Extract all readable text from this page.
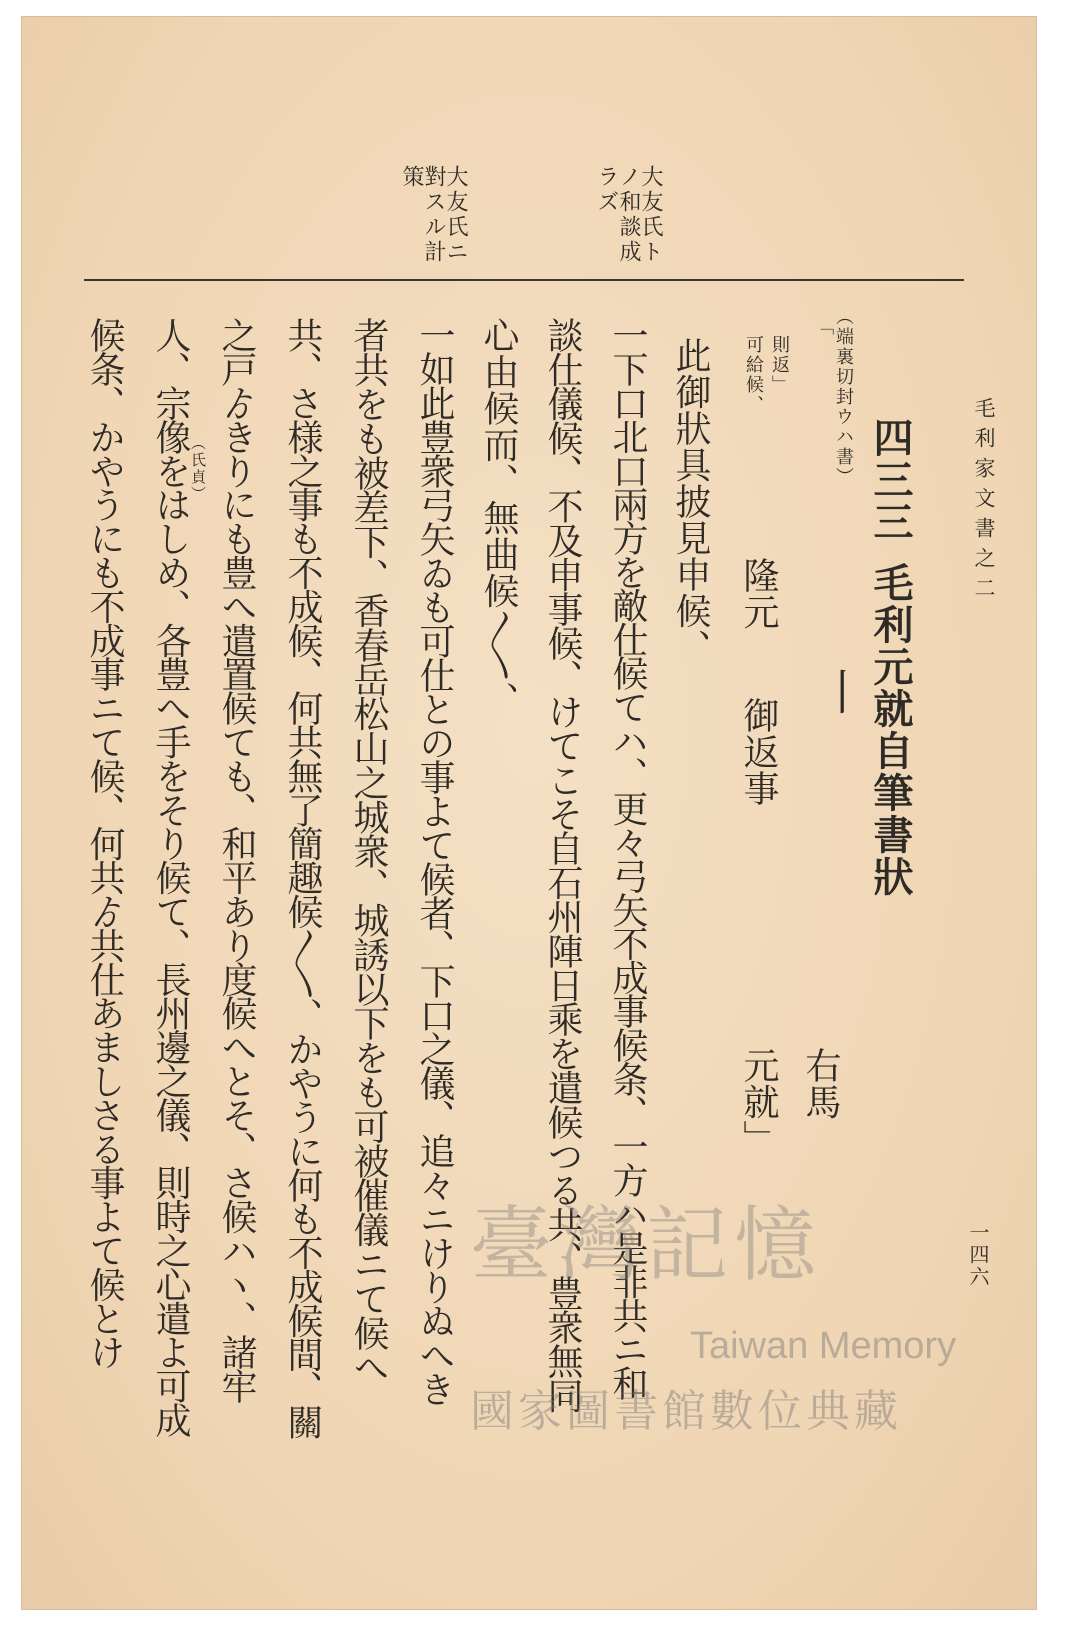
毛利家文書之二
一四六
大友氏トノ和談成ラズ
大友氏ニ對スル計策
四三三
毛利元就自筆書狀
（端裏切封ウハ書）
「
則返」
可給候、
隆元
御返事
丨
右馬
元就」
此御狀具披見申候、
一下口北口兩方を敵仕候てハ、更々弓矢不成事候条、一方ハ是非共ニ和
談仕儀候、不及申事候、けてこそ自石州陣日乘を遣候つる共、豊衆無同
心由候而、無曲候〳〵、
一如此豊衆弓矢ゐも可仕との事よて候者、下口之儀、追々ニけりぬへき
者共をも被差下、香春岳松山之城衆、城誘以下をも可被催儀ニて候へ
共、さ様之事も不成候、何共無了簡趣候〳〵、かやうに何も不成候間、關
之戸ゟきりにも豊へ遣置候ても、和平あり度候へとそ、さ候ハヽ、諸牢
（氏貞）
人、宗像をはしめ、各豊へ手をそり候て、長州邊之儀、則時之心遣よ可成
候条、かやうにも不成事ニて候、何共ゟ共仕あましさる事よて候とけ	臺灣記憶
Taiwan Memory
國家圖書館數位典藏
